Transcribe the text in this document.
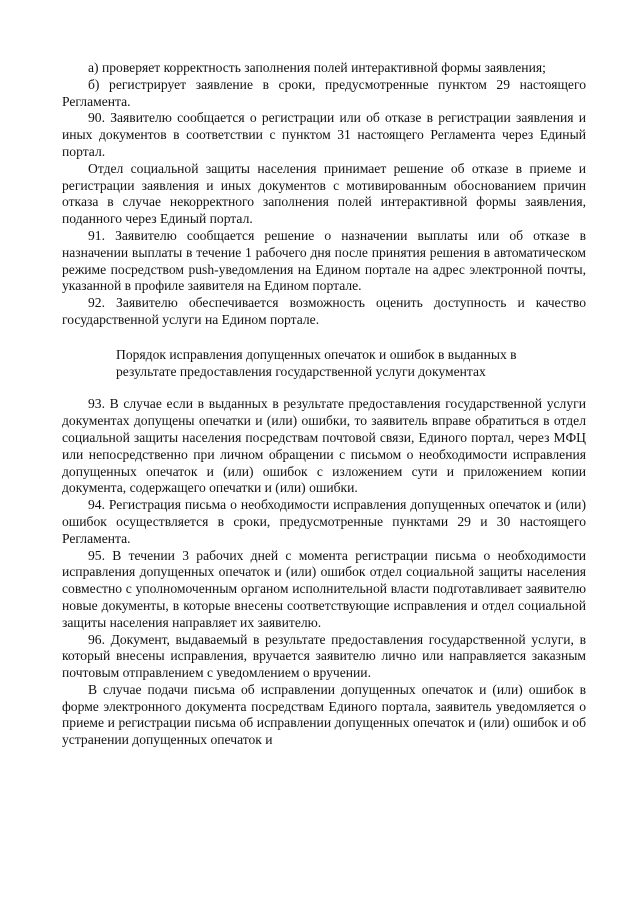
а) проверяет корректность заполнения полей интерактивной формы заявления;

б) регистрирует заявление в сроки, предусмотренные пунктом 29 настоящего Регламента.

90. Заявителю сообщается о регистрации или об отказе в регистрации заявления и иных документов в соответствии с пунктом 31 настоящего Регламента через Единый портал.

Отдел социальной защиты населения принимает решение об отказе в приеме и регистрации заявления и иных документов с мотивированным обоснованием причин отказа в случае некорректного заполнения полей интерактивной формы заявления, поданного через Единый портал.

91. Заявителю сообщается решение о назначении выплаты или об отказе в назначении выплаты в течение 1 рабочего дня после принятия решения в автоматическом режиме посредством push-уведомления на Едином портале на адрес электронной почты, указанной в профиле заявителя на Едином портале.

92. Заявителю обеспечивается возможность оценить доступность и качество государственной услуги на Едином портале.

Порядок исправления допущенных опечаток и ошибок в выданных в результате предоставления государственной услуги документах

93. В случае если в выданных в результате предоставления государственной услуги документах допущены опечатки и (или) ошибки, то заявитель вправе обратиться в отдел социальной защиты населения посредствам почтовой связи, Единого портал, через МФЦ или непосредственно при личном обращении с письмом о необходимости исправления допущенных опечаток и (или) ошибок с изложением сути и приложением копии документа, содержащего опечатки и (или) ошибки.

94. Регистрация письма о необходимости исправления допущенных опечаток и (или) ошибок осуществляется в сроки, предусмотренные пунктами 29 и 30 настоящего Регламента.

95. В течении 3 рабочих дней с момента регистрации письма о необходимости исправления допущенных опечаток и (или) ошибок отдел социальной защиты населения совместно с уполномоченным органом исполнительной власти подготавливает заявителю новые документы, в которые внесены соответствующие исправления и отдел социальной защиты населения направляет их заявителю.

96. Документ, выдаваемый в результате предоставления государственной услуги, в который внесены исправления, вручается заявителю лично или направляется заказным почтовым отправлением с уведомлением о вручении.

В случае подачи письма об исправлении допущенных опечаток и (или) ошибок в форме электронного документа посредствам Единого портала, заявитель уведомляется о приеме и регистрации письма об исправлении допущенных опечаток и (или) ошибок и об устранении допущенных опечаток и
